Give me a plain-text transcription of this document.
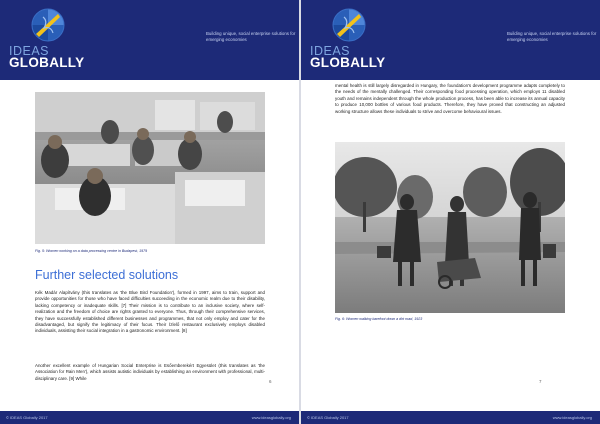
IDEAS
GLOBALLY
Building unique, social enterprise solutions for emerging economies
Fig. 5: Women working on a data processing centre in Budapest, 1979
Further selected solutions
Kék Madár Alapítvány (this translates as 'the Blue Bird Foundation'), formed in 1997, aims to train, support and provide opportunities for those who have faced difficulties succeeding in the economic realm due to their disability, lacking competency or inadequate skills. [7] Their mission is to contribute to an inclusive society, where self-realization and the freedom of choice are rights granted to everyone. Thus, through their comprehensive services, they have successfully established different businesses and programmes, that not only employ and cater for the disadvantaged, but signify the legitimacy of their focus. Their Ízlelő restaurant exclusively employs disabled individuals, assisting their social integration in a gastronomic environment. [8]
Another excellent example of Hungarian Social Enterprise is Esőemberekért Egyesület (this translates as 'the Association for Rain Men'), which assists autistic individuals by establishing an environment with professional, multi-disciplinary care. [9] While
6
© IDEAS Globally 2017	www.ideasglobally.org
IDEAS
GLOBALLY
Building unique, social enterprise solutions for emerging economies
mental health is still largely disregarded in Hungary, the foundation's development programme adapts completely to the needs of the mentally challenged. Their corresponding food processing operation, which employs 11 disabled youth and remains independent through the whole production process, has been able to increase its annual capacity to produce 10,000 bottles of various food products. Therefore, they have proved that constructing an adjusted working structure allows these individuals to strive and overcome behavioural issues.
Fig. 6: Women walking barefoot down a dirt road, 1923
7
© IDEAS Globally 2017	www.ideasglobally.org
